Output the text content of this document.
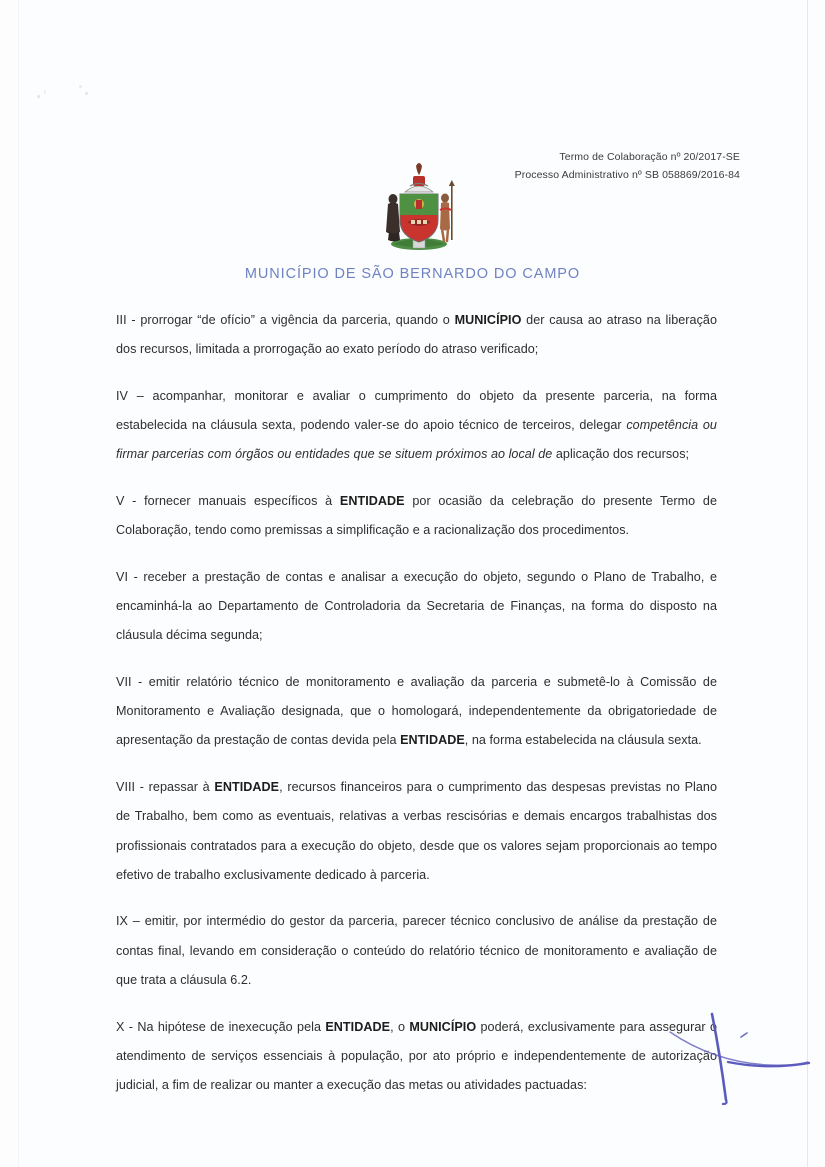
Termo de Colaboração nº 20/2017-SE
Processo Administrativo nº SB 058869/2016-84
MUNICÍPIO DE SÃO BERNARDO DO CAMPO

III - prorrogar “de ofício” a vigência da parceria, quando o MUNICÍPIO der causa ao atraso na liberação dos recursos, limitada a prorrogação ao exato período do atraso verificado;

IV – acompanhar, monitorar e avaliar o cumprimento do objeto da presente parceria, na forma estabelecida na cláusula sexta, podendo valer-se do apoio técnico de terceiros, delegar competência ou firmar parcerias com órgãos ou entidades que se situem próximos ao local de aplicação dos recursos;

V - fornecer manuais específicos à ENTIDADE por ocasião da celebração do presente Termo de Colaboração, tendo como premissas a simplificação e a racionalização dos procedimentos.

VI - receber a prestação de contas e analisar a execução do objeto, segundo o Plano de Trabalho, e encaminhá-la ao Departamento de Controladoria da Secretaria de Finanças, na forma do disposto na cláusula décima segunda;

VII - emitir relatório técnico de monitoramento e avaliação da parceria e submetê-lo à Comissão de Monitoramento e Avaliação designada, que o homologará, independentemente da obrigatoriedade de apresentação da prestação de contas devida pela ENTIDADE, na forma estabelecida na cláusula sexta.

VIII - repassar à ENTIDADE, recursos financeiros para o cumprimento das despesas previstas no Plano de Trabalho, bem como as eventuais, relativas a verbas rescisórias e demais encargos trabalhistas dos profissionais contratados para a execução do objeto, desde que os valores sejam proporcionais ao tempo efetivo de trabalho exclusivamente dedicado à parceria.

IX – emitir, por intermédio do gestor da parceria, parecer técnico conclusivo de análise da prestação de contas final, levando em consideração o conteúdo do relatório técnico de monitoramento e avaliação de que trata a cláusula 6.2.

X - Na hipótese de inexecução pela ENTIDADE, o MUNICÍPIO poderá, exclusivamente para assegurar o atendimento de serviços essenciais à população, por ato próprio e independentemente de autorização judicial, a fim de realizar ou manter a execução das metas ou atividades pactuadas:
